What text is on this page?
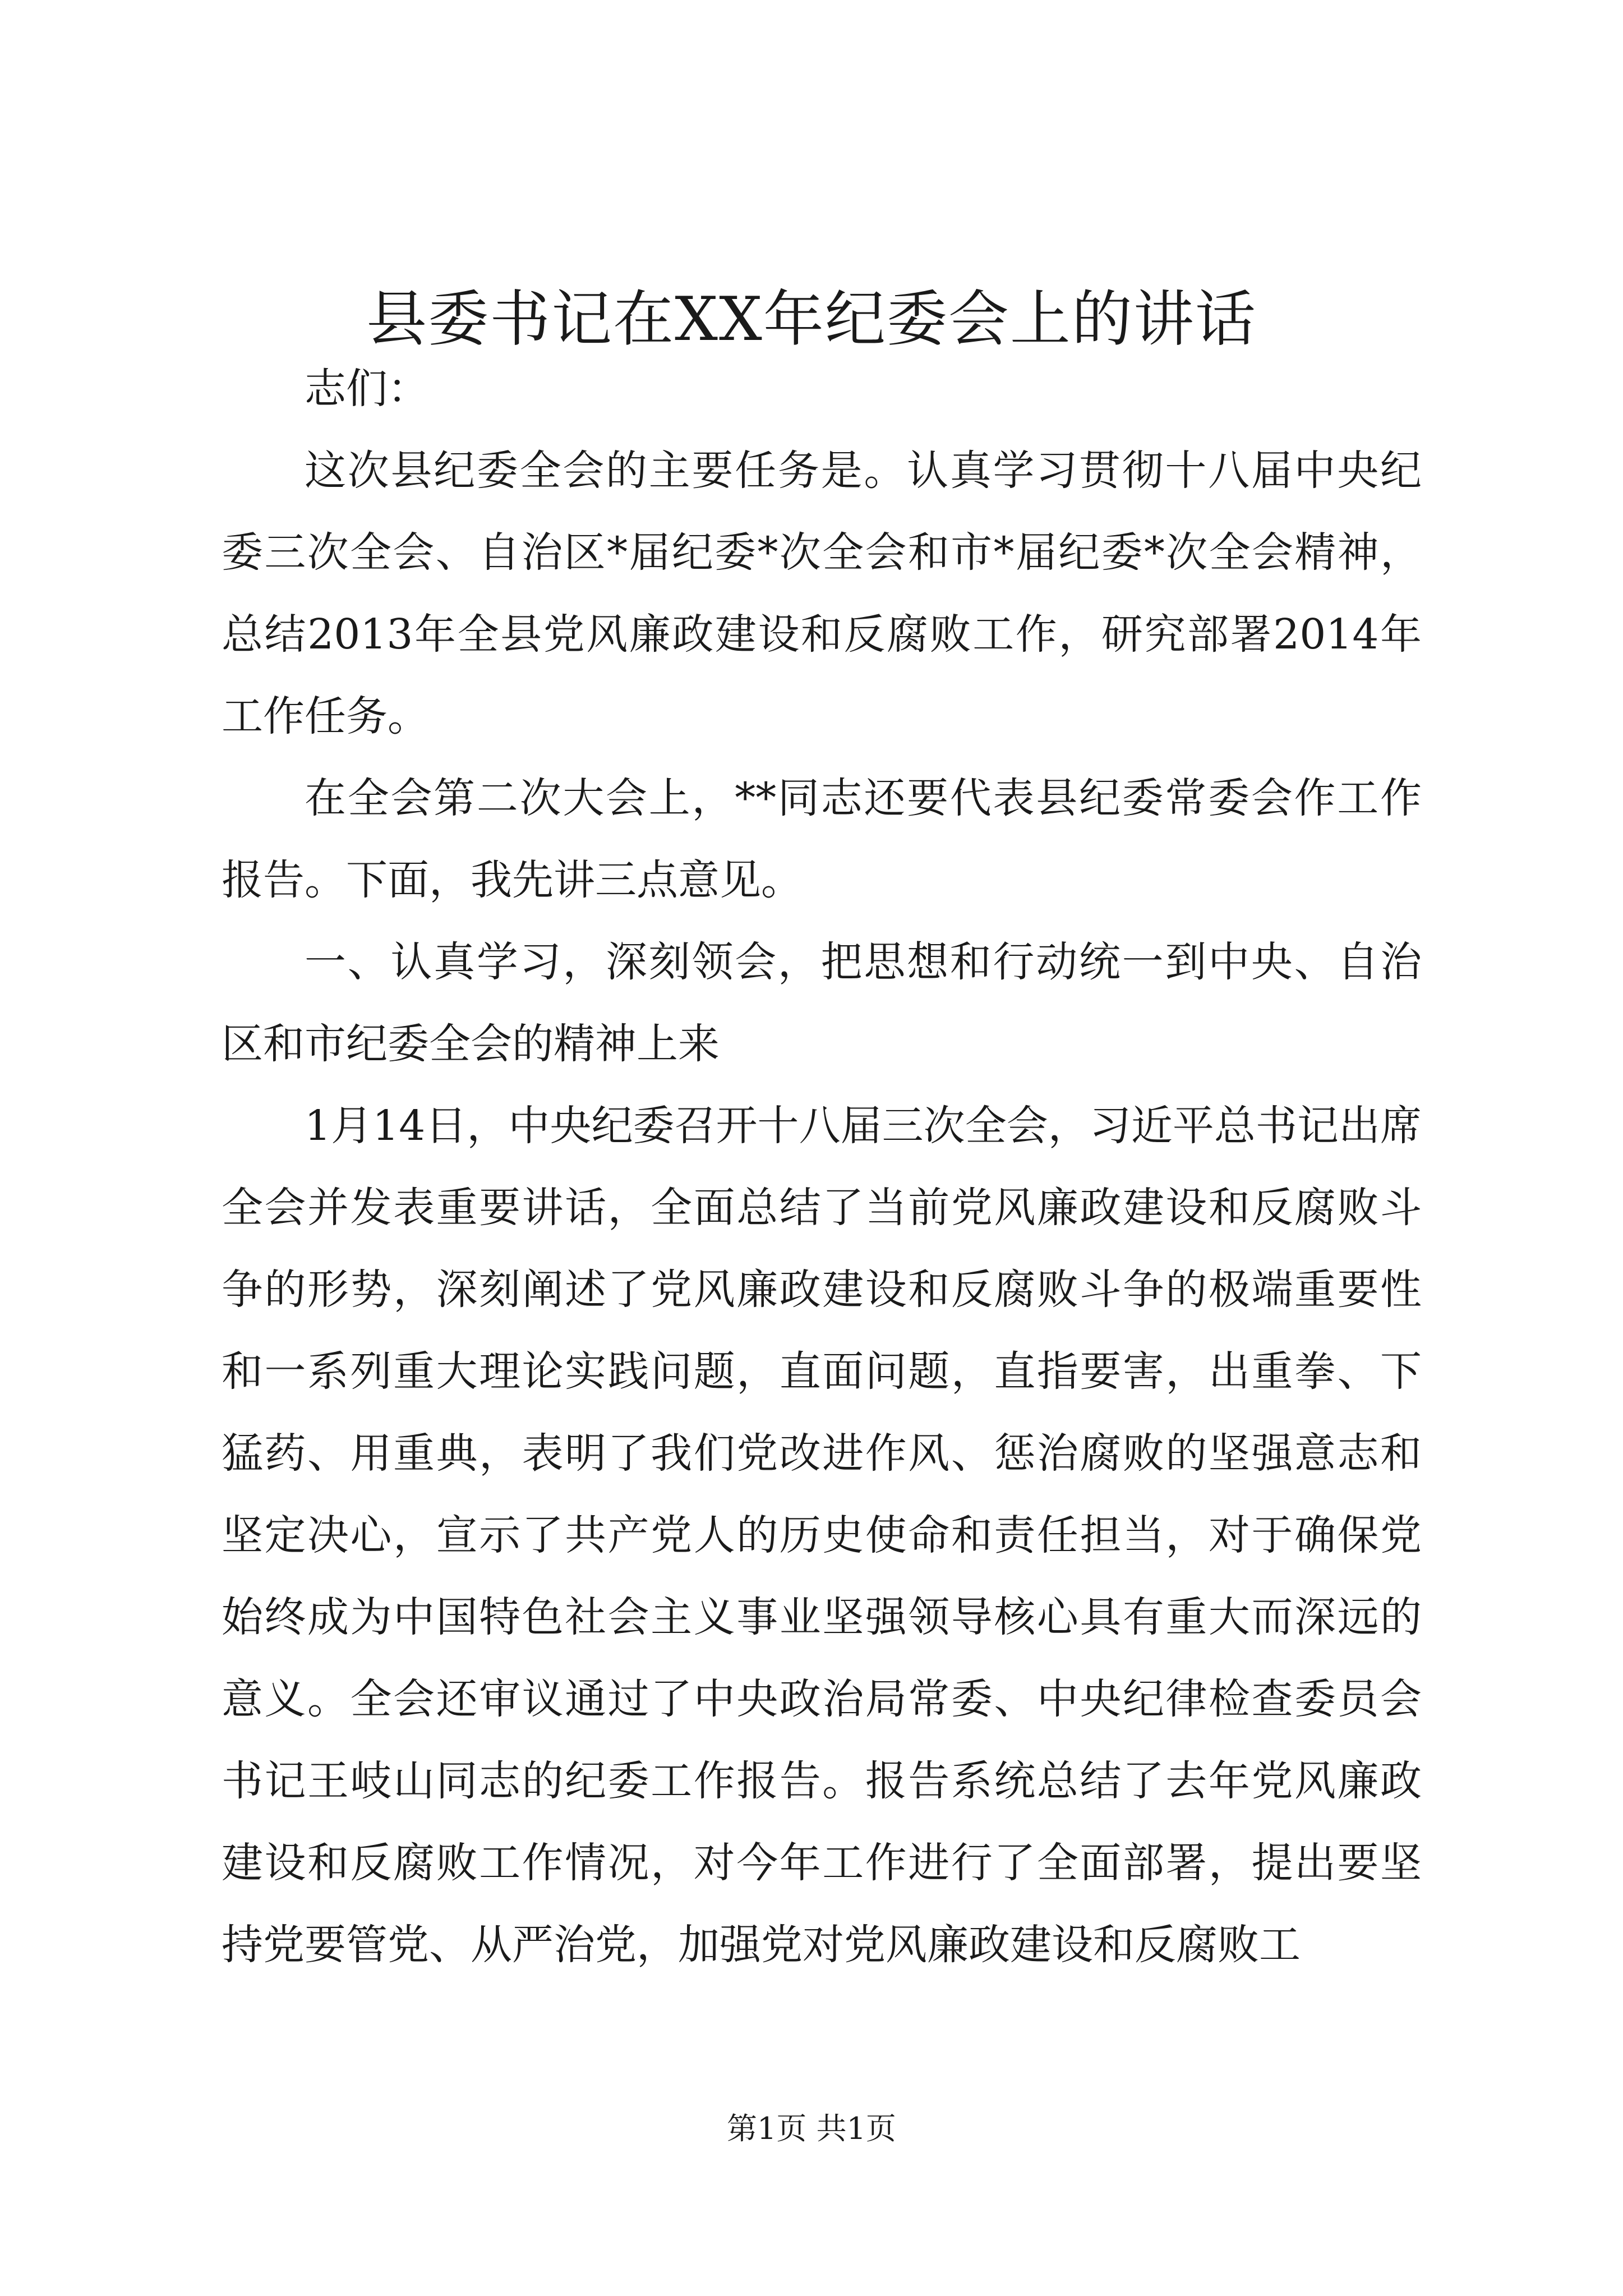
县委书记在XX年纪委会上的讲话

志们：

这次县纪委全会的主要任务是。认真学习贯彻十八届中央纪委三次全会、自治区*届纪委*次全会和市*届纪委*次全会精神，总结2013年全县党风廉政建设和反腐败工作，研究部署2014年工作任务。

在全会第二次大会上，**同志还要代表县纪委常委会作工作报告。下面，我先讲三点意见。

一、认真学习，深刻领会，把思想和行动统一到中央、自治区和市纪委全会的精神上来

1月14日，中央纪委召开十八届三次全会，习近平总书记出席全会并发表重要讲话，全面总结了当前党风廉政建设和反腐败斗争的形势，深刻阐述了党风廉政建设和反腐败斗争的极端重要性和一系列重大理论实践问题，直面问题，直指要害，出重拳、下猛药、用重典，表明了我们党改进作风、惩治腐败的坚强意志和坚定决心，宣示了共产党人的历史使命和责任担当，对于确保党始终成为中国特色社会主义事业坚强领导核心具有重大而深远的意义。全会还审议通过了中央政治局常委、中央纪律检查委员会书记王岐山同志的纪委工作报告。报告系统总结了去年党风廉政建设和反腐败工作情况，对今年工作进行了全面部署，提出要坚持党要管党、从严治党，加强党对党风廉政建设和反腐败工

第1页 共1页
